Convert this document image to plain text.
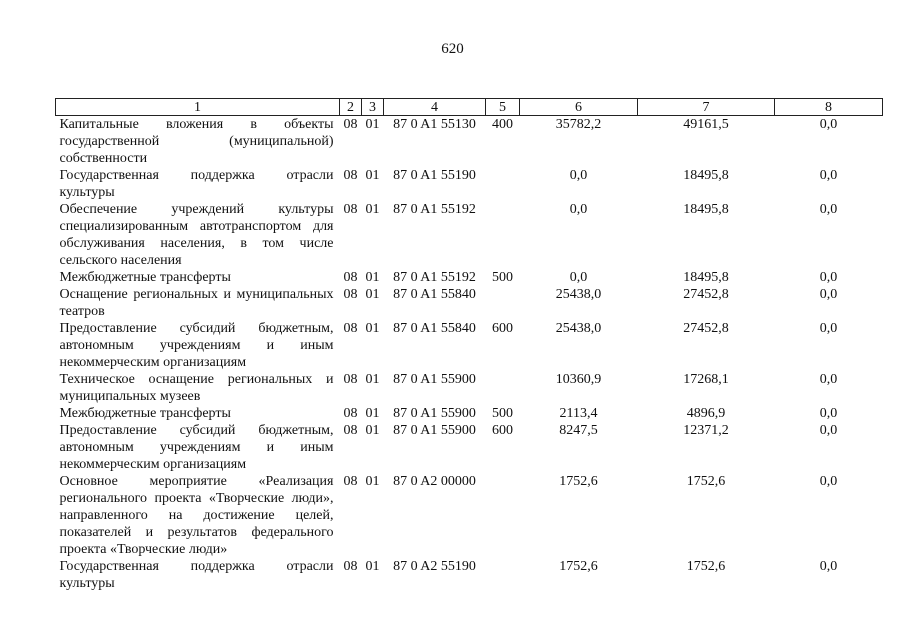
620
1	2	3	4	5	6	7	8
Капитальные вложения в объекты государственной (муниципальной) собственности	08	01	87 0 A1 55130	400	35782,2	49161,5	0,0
Государственная поддержка отрасли культуры	08	01	87 0 A1 55190		0,0	18495,8	0,0
Обеспечение учреждений культуры специализированным автотранспортом для обслуживания населения, в том числе сельского населения	08	01	87 0 A1 55192		0,0	18495,8	0,0
Межбюджетные трансферты	08	01	87 0 A1 55192	500	0,0	18495,8	0,0
Оснащение региональных и муниципальных театров	08	01	87 0 A1 55840		25438,0	27452,8	0,0
Предоставление субсидий бюджетным, автономным учреждениям и иным некоммерческим организациям	08	01	87 0 A1 55840	600	25438,0	27452,8	0,0
Техническое оснащение региональных и муниципальных музеев	08	01	87 0 A1 55900		10360,9	17268,1	0,0
Межбюджетные трансферты	08	01	87 0 A1 55900	500	2113,4	4896,9	0,0
Предоставление субсидий бюджетным, автономным учреждениям и иным некоммерческим организациям	08	01	87 0 A1 55900	600	8247,5	12371,2	0,0
Основное мероприятие «Реализация регионального проекта «Творческие люди», направленного на достижение целей, показателей и результатов федерального проекта «Творческие люди»	08	01	87 0 A2 00000		1752,6	1752,6	0,0
Государственная поддержка отрасли культуры	08	01	87 0 A2 55190		1752,6	1752,6	0,0
